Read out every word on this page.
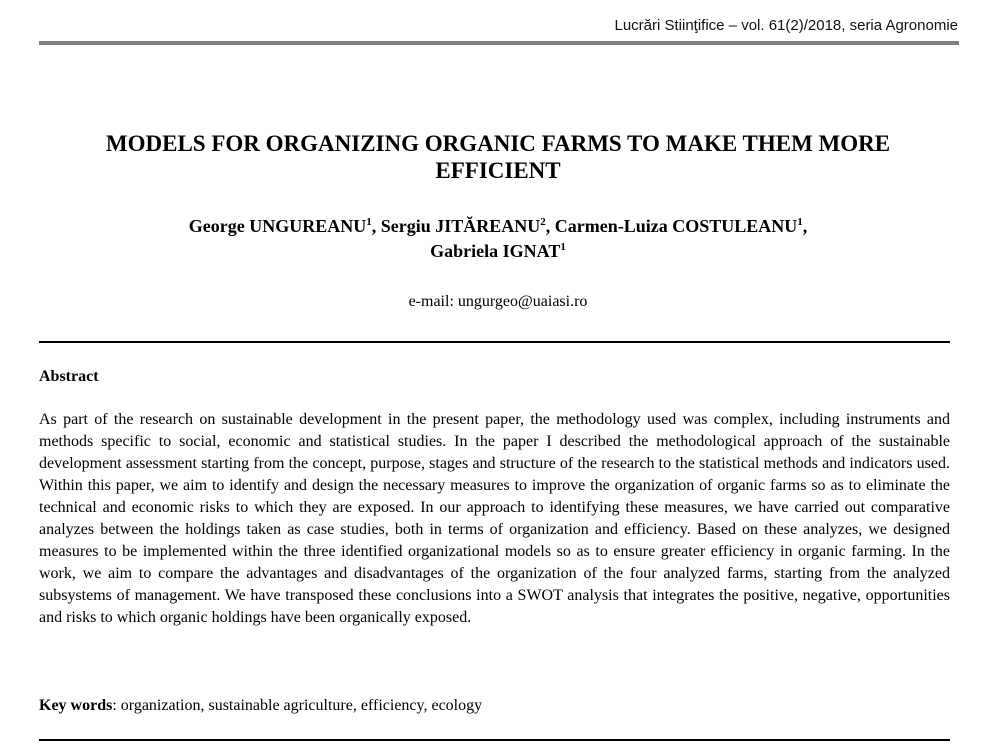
Lucrări Stiinţifice – vol. 61(2)/2018, seria Agronomie
MODELS FOR ORGANIZING ORGANIC FARMS TO MAKE THEM MORE
EFFICIENT
George UNGUREANU$^1$, Sergiu JITĂREANU$^2$, Carmen-Luiza COSTULEANU$^1$,
Gabriela IGNAT$^1$
e-mail: ungurgeo@uaiasi.ro
Abstract

As part of the research on sustainable development in the present paper, the methodology used was complex, including instruments and methods specific to social, economic and statistical studies. In the paper I described the methodological approach of the sustainable development assessment starting from the concept, purpose, stages and structure of the research to the statistical methods and indicators used. Within this paper, we aim to identify and design the necessary measures to improve the organization of organic farms so as to eliminate the technical and economic risks to which they are exposed. In our approach to identifying these measures, we have carried out comparative analyzes between the holdings taken as case studies, both in terms of organization and efficiency. Based on these analyzes, we designed measures to be implemented within the three identified organizational models so as to ensure greater efficiency in organic farming. In the work, we aim to compare the advantages and disadvantages of the organization of the four analyzed farms, starting from the analyzed subsystems of management. We have transposed these conclusions into a SWOT analysis that integrates the positive, negative, opportunities and risks to which organic holdings have been organically exposed.

Key words: organization, sustainable agriculture, efficiency, ecology
